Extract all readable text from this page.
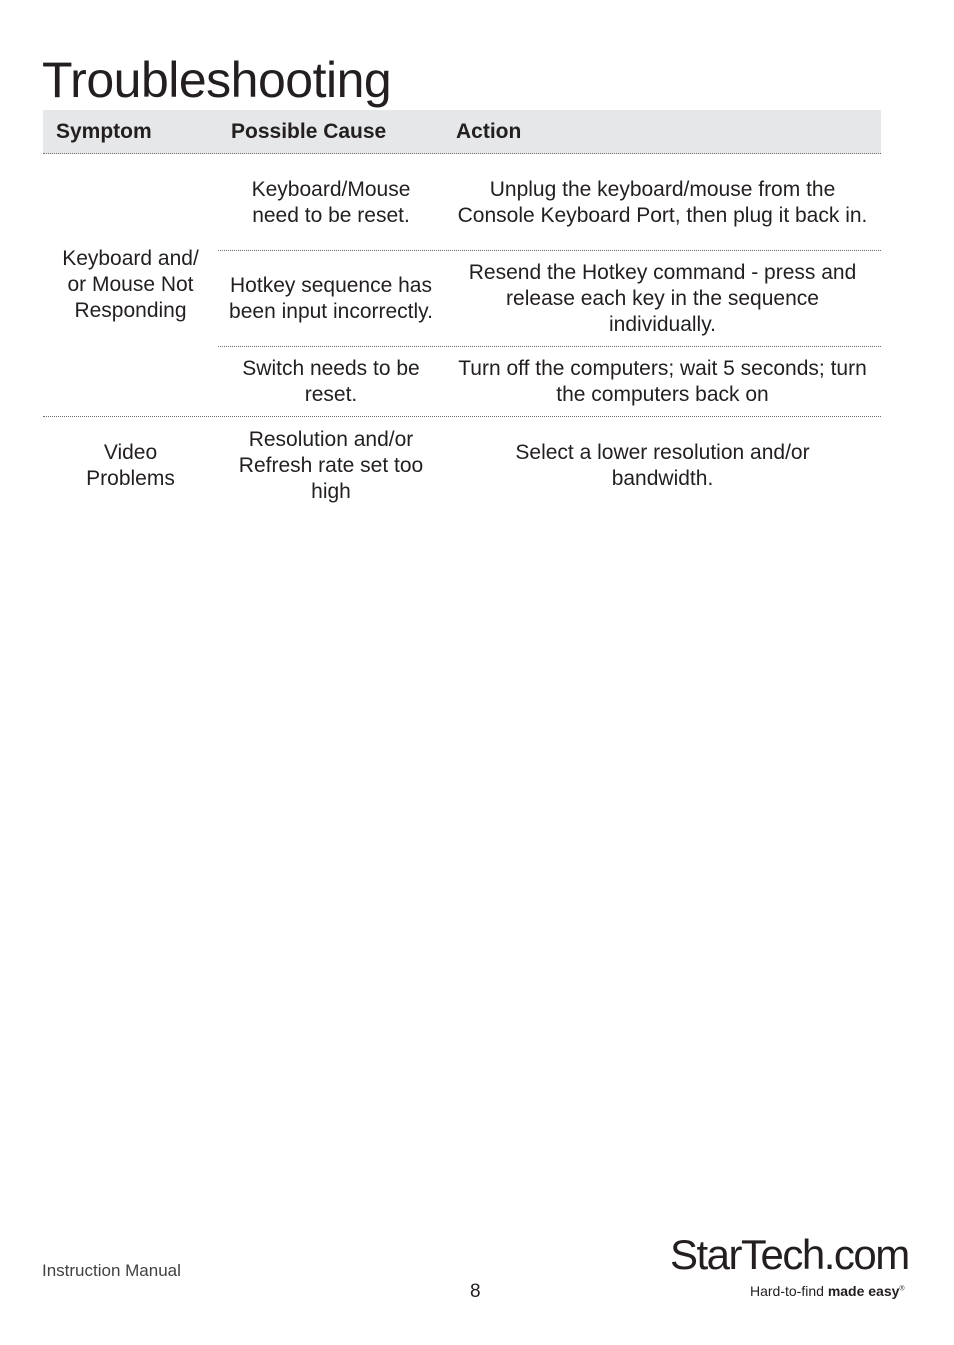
Troubleshooting
Symptom	Possible Cause	Action
Keyboard and/ or Mouse Not Responding
Keyboard/Mouse need to be reset.
Unplug the keyboard/mouse from the Console Keyboard Port, then plug it back in.
Hotkey sequence has been input incorrectly.
Resend the Hotkey command - press and release each key in the sequence individually.
Switch needs to be reset.
Turn off the computers; wait 5 seconds; turn the computers back on
Video Problems
Resolution and/or Refresh rate set too high
Select a lower resolution and/or bandwidth.
Instruction Manual
8
StarTech.com
Hard-to-find made easy®
